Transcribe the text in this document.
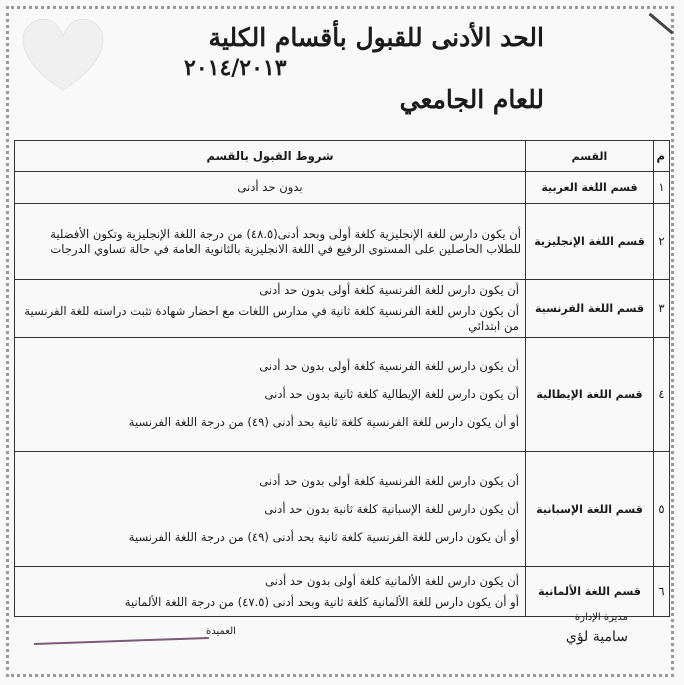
الحد الأدنى للقبول بأقسام الكلية
٢٠١٤/٢٠١٣
للعام الجامعي
م	القسم	شروط القبول بالقسم
١	قسم اللغة العربية	بدون حد أدنى
٢	قسم اللغة الإنجليزية	أن يكون دارس للغة الإنجليزية كلغة أولى وبحد أدنى(٤٨.٥) من درجة اللغة الإنجليزية وتكون الأفضلية للطلاب الحاصلين على المستوى الرفيع في اللغة الانجليزية بالثانوية العامة في حالة تساوي الدرجات
٣	قسم اللغة الفرنسية	أن يكون دارس للغة الفرنسية كلغة أولى بدون حد أدنى
أن يكون دارس للغة الفرنسية كلغة ثانية في مدارس اللغات مع احضار شهادة تثبت دراسته للغة الفرنسية من ابتدائي

٤	قسم اللغة الإيطالية	أن يكون دارس للغة الفرنسية كلغة أولى بدون حد أدنى
أن يكون دارس للغة الإيطالية كلغة ثانية بدون حد أدنى
أو أن يكون دارس للغة الفرنسية كلغة ثانية بحد أدنى (٤٩) من درجة اللغة الفرنسية

٥	قسم اللغة الإسبانية	أن يكون دارس للغة الفرنسية كلغة أولى بدون حد أدنى
أن يكون دارس للغة الإسبانية كلغة ثانية بدون حد أدنى
أو أن يكون دارس للغة الفرنسية كلغة ثانية بحد أدنى (٤٩) من درجة اللغة الفرنسية

٦	قسم اللغة الألمانية	أن يكون دارس للغة الألمانية كلغة أولى بدون حد أدنى
أو أن يكون دارس للغة الألمانية كلغة ثانية وبحد أدنى (٤٧.٥) من درجة اللغة الألمانية
العميدة
مديرة الإدارة
سامية لؤي
